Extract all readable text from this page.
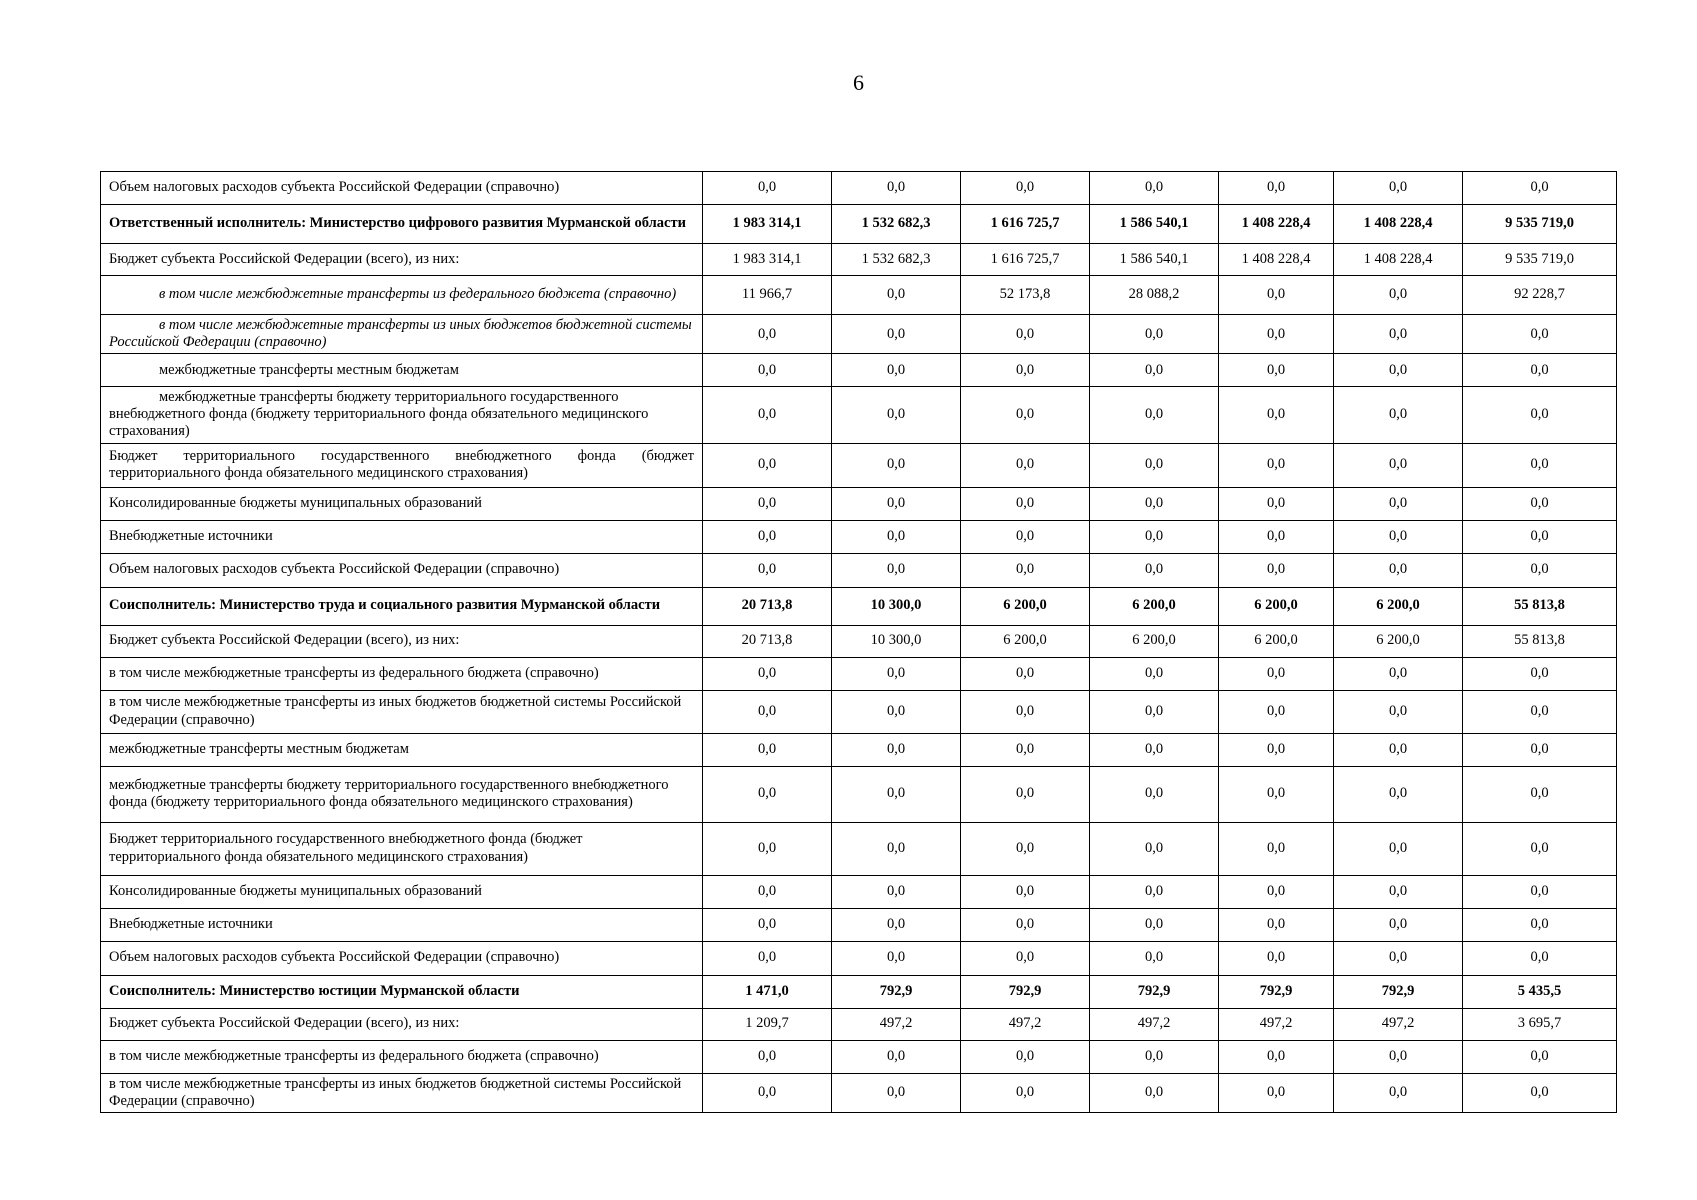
6
Объем налоговых расходов субъекта Российской Федерации (справочно)	0,0	0,0	0,0	0,0	0,0	0,0	0,0
Ответственный исполнитель: Министерство цифрового развития Мурманской области	1 983 314,1	1 532 682,3	1 616 725,7	1 586 540,1	1 408 228,4	1 408 228,4	9 535 719,0
Бюджет субъекта Российской Федерации (всего), из них:	1 983 314,1	1 532 682,3	1 616 725,7	1 586 540,1	1 408 228,4	1 408 228,4	9 535 719,0
в том числе межбюджетные трансферты из федерального бюджета (справочно)	11 966,7	0,0	52 173,8	28 088,2	0,0	0,0	92 228,7
в том числе межбюджетные трансферты из иных бюджетов бюджетной системы Российской Федерации (справочно)	0,0	0,0	0,0	0,0	0,0	0,0	0,0
межбюджетные трансферты местным бюджетам	0,0	0,0	0,0	0,0	0,0	0,0	0,0
межбюджетные трансферты бюджету территориального государственного внебюджетного фонда (бюджету территориального фонда обязательного медицинского страхования)	0,0	0,0	0,0	0,0	0,0	0,0	0,0
Бюджет территориального государственного внебюджетного фонда (бюджет территориального фонда обязательного медицинского страхования)	0,0	0,0	0,0	0,0	0,0	0,0	0,0
Консолидированные бюджеты муниципальных образований	0,0	0,0	0,0	0,0	0,0	0,0	0,0
Внебюджетные источники	0,0	0,0	0,0	0,0	0,0	0,0	0,0
Объем налоговых расходов субъекта Российской Федерации (справочно)	0,0	0,0	0,0	0,0	0,0	0,0	0,0
Соисполнитель: Министерство труда и социального развития Мурманской области	20 713,8	10 300,0	6 200,0	6 200,0	6 200,0	6 200,0	55 813,8
Бюджет субъекта Российской Федерации (всего), из них:	20 713,8	10 300,0	6 200,0	6 200,0	6 200,0	6 200,0	55 813,8
в том числе межбюджетные трансферты из федерального бюджета (справочно)	0,0	0,0	0,0	0,0	0,0	0,0	0,0
в том числе межбюджетные трансферты из иных бюджетов бюджетной системы Российской Федерации (справочно)	0,0	0,0	0,0	0,0	0,0	0,0	0,0
межбюджетные трансферты местным бюджетам	0,0	0,0	0,0	0,0	0,0	0,0	0,0
межбюджетные трансферты бюджету территориального государственного внебюджетного фонда (бюджету территориального фонда обязательного медицинского страхования)	0,0	0,0	0,0	0,0	0,0	0,0	0,0
Бюджет территориального государственного внебюджетного фонда (бюджет территориального фонда обязательного медицинского страхования)	0,0	0,0	0,0	0,0	0,0	0,0	0,0
Консолидированные бюджеты муниципальных образований	0,0	0,0	0,0	0,0	0,0	0,0	0,0
Внебюджетные источники	0,0	0,0	0,0	0,0	0,0	0,0	0,0
Объем налоговых расходов субъекта Российской Федерации (справочно)	0,0	0,0	0,0	0,0	0,0	0,0	0,0
Соисполнитель: Министерство юстиции Мурманской области	1 471,0	792,9	792,9	792,9	792,9	792,9	5 435,5
Бюджет субъекта Российской Федерации (всего), из них:	1 209,7	497,2	497,2	497,2	497,2	497,2	3 695,7
в том числе межбюджетные трансферты из федерального бюджета (справочно)	0,0	0,0	0,0	0,0	0,0	0,0	0,0
в том числе межбюджетные трансферты из иных бюджетов бюджетной системы Российской Федерации (справочно)	0,0	0,0	0,0	0,0	0,0	0,0	0,0
